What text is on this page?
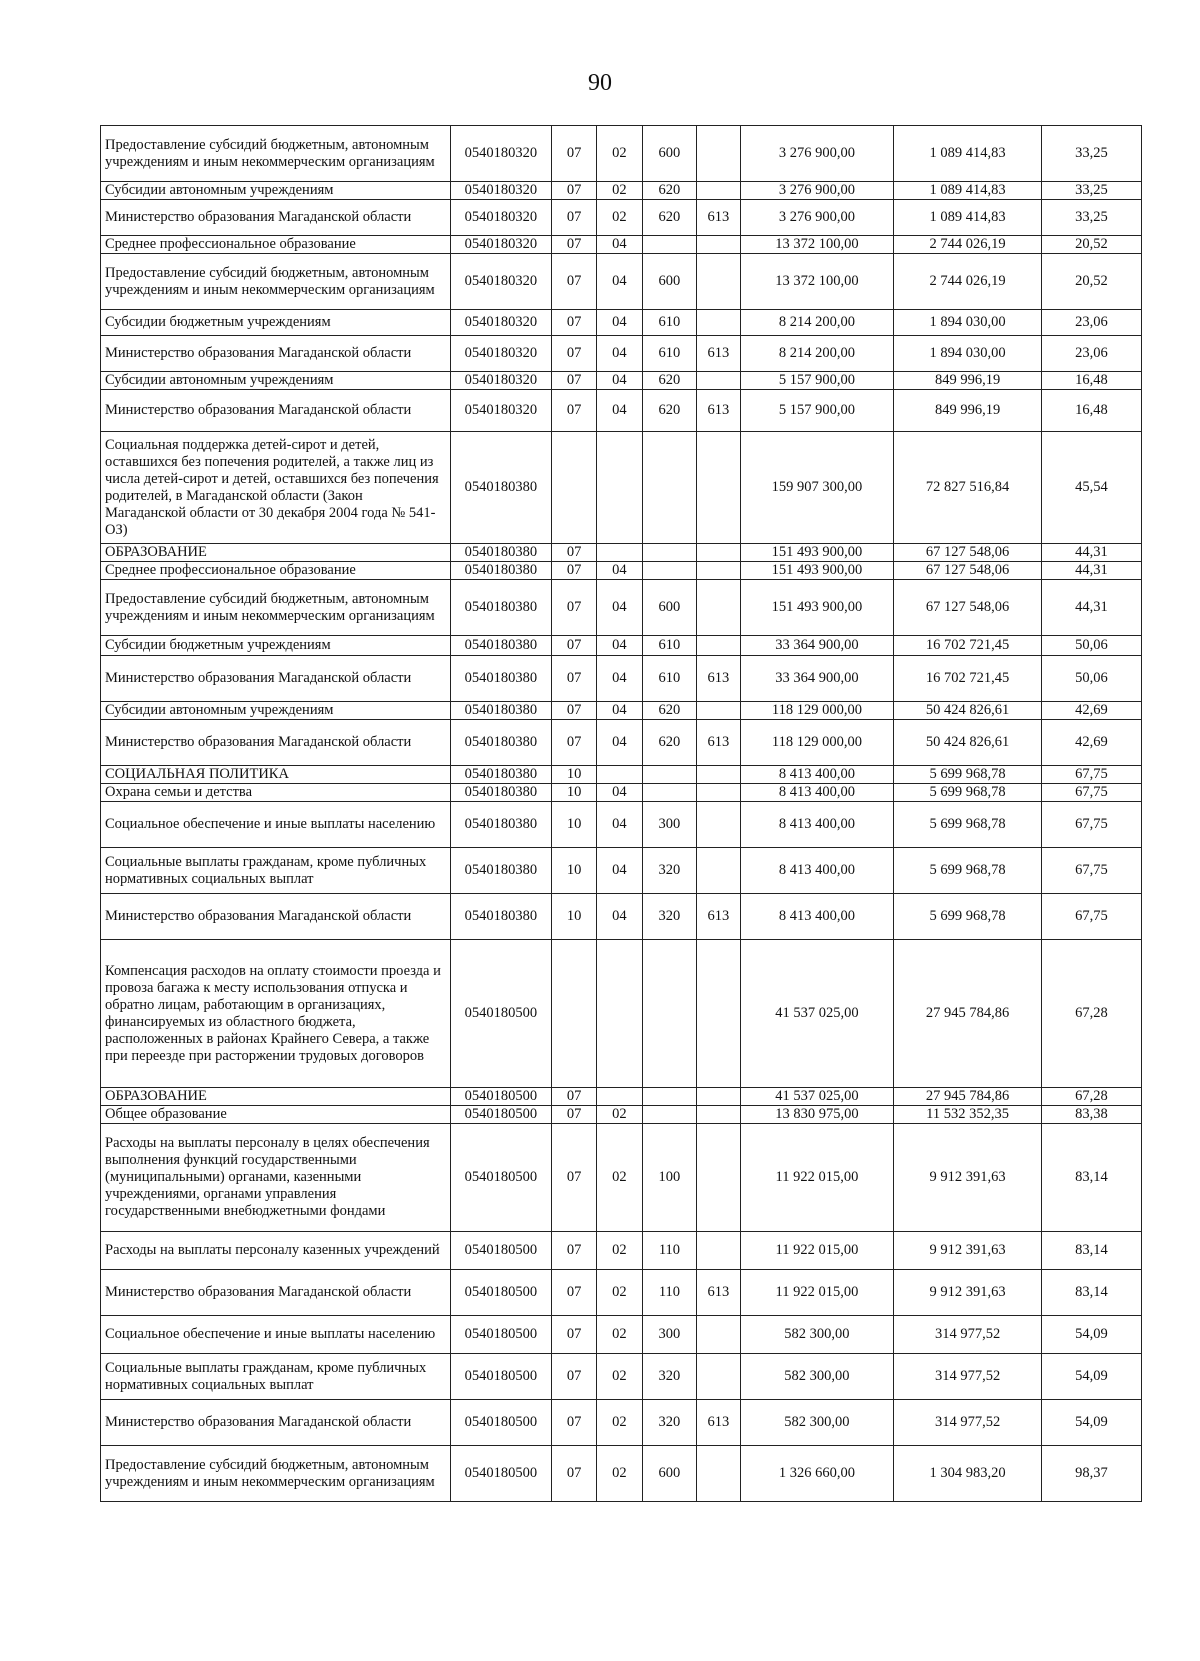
90
Предоставление субсидий бюджетным, автономным учреждениям и иным некоммерческим организациям	0540180320	07	02	600		3 276 900,00	1 089 414,83	33,25
Субсидии автономным учреждениям	0540180320	07	02	620		3 276 900,00	1 089 414,83	33,25
Министерство образования Магаданской области	0540180320	07	02	620	613	3 276 900,00	1 089 414,83	33,25
Среднее профессиональное образование	0540180320	07	04			13 372 100,00	2 744 026,19	20,52
Предоставление субсидий бюджетным, автономным учреждениям и иным некоммерческим организациям	0540180320	07	04	600		13 372 100,00	2 744 026,19	20,52
Субсидии бюджетным учреждениям	0540180320	07	04	610		8 214 200,00	1 894 030,00	23,06
Министерство образования Магаданской области	0540180320	07	04	610	613	8 214 200,00	1 894 030,00	23,06
Субсидии автономным учреждениям	0540180320	07	04	620		5 157 900,00	849 996,19	16,48
Министерство образования Магаданской области	0540180320	07	04	620	613	5 157 900,00	849 996,19	16,48
Социальная поддержка детей-сирот и детей, оставшихся без попечения родителей, а также лиц из числа детей-сирот и детей, оставшихся без попечения родителей, в Магаданской области (Закон Магаданской области от 30 декабря 2004 года № 541-ОЗ)	0540180380					159 907 300,00	72 827 516,84	45,54
ОБРАЗОВАНИЕ	0540180380	07				151 493 900,00	67 127 548,06	44,31
Среднее профессиональное образование	0540180380	07	04			151 493 900,00	67 127 548,06	44,31
Предоставление субсидий бюджетным, автономным учреждениям и иным некоммерческим организациям	0540180380	07	04	600		151 493 900,00	67 127 548,06	44,31
Субсидии бюджетным учреждениям	0540180380	07	04	610		33 364 900,00	16 702 721,45	50,06
Министерство образования Магаданской области	0540180380	07	04	610	613	33 364 900,00	16 702 721,45	50,06
Субсидии автономным учреждениям	0540180380	07	04	620		118 129 000,00	50 424 826,61	42,69
Министерство образования Магаданской области	0540180380	07	04	620	613	118 129 000,00	50 424 826,61	42,69
СОЦИАЛЬНАЯ ПОЛИТИКА	0540180380	10				8 413 400,00	5 699 968,78	67,75
Охрана семьи и детства	0540180380	10	04			8 413 400,00	5 699 968,78	67,75
Социальное обеспечение и иные выплаты населению	0540180380	10	04	300		8 413 400,00	5 699 968,78	67,75
Социальные выплаты гражданам, кроме публичных нормативных социальных выплат	0540180380	10	04	320		8 413 400,00	5 699 968,78	67,75
Министерство образования Магаданской области	0540180380	10	04	320	613	8 413 400,00	5 699 968,78	67,75
Компенсация расходов на оплату стоимости проезда и провоза багажа к месту использования отпуска и обратно лицам, работающим в организациях, финансируемых из областного бюджета, расположенных в районах Крайнего Севера, а также при переезде при расторжении трудовых договоров	0540180500					41 537 025,00	27 945 784,86	67,28
ОБРАЗОВАНИЕ	0540180500	07				41 537 025,00	27 945 784,86	67,28
Общее образование	0540180500	07	02			13 830 975,00	11 532 352,35	83,38
Расходы на выплаты персоналу в целях обеспечения выполнения функций государственными (муниципальными) органами, казенными учреждениями, органами управления государственными внебюджетными фондами	0540180500	07	02	100		11 922 015,00	9 912 391,63	83,14
Расходы на выплаты персоналу казенных учреждений	0540180500	07	02	110		11 922 015,00	9 912 391,63	83,14
Министерство образования Магаданской области	0540180500	07	02	110	613	11 922 015,00	9 912 391,63	83,14
Социальное обеспечение и иные выплаты населению	0540180500	07	02	300		582 300,00	314 977,52	54,09
Социальные выплаты гражданам, кроме публичных нормативных социальных выплат	0540180500	07	02	320		582 300,00	314 977,52	54,09
Министерство образования Магаданской области	0540180500	07	02	320	613	582 300,00	314 977,52	54,09
Предоставление субсидий бюджетным, автономным учреждениям и иным некоммерческим организациям	0540180500	07	02	600		1 326 660,00	1 304 983,20	98,37
